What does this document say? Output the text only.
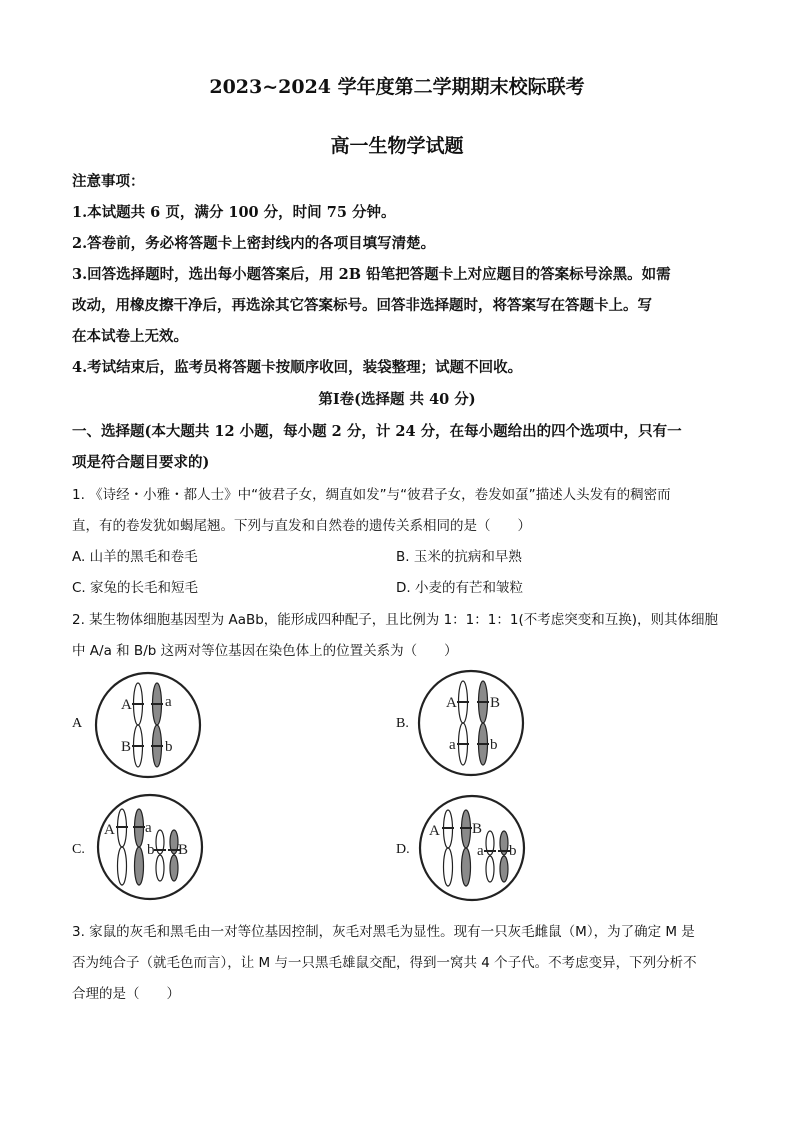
2023~2024 学年度第二学期期末校际联考
高一生物学试题
注意事项：
1.本试题共 6 页，满分 100 分，时间 75 分钟。
2.答卷前，务必将答题卡上密封线内的各项目填写清楚。
3.回答选择题时，选出每小题答案后，用 2B 铅笔把答题卡上对应题目的答案标号涂黑。如需
改动，用橡皮擦干净后，再选涂其它答案标号。回答非选择题时，将答案写在答题卡上。写
在本试卷上无效。
4.考试结束后，监考员将答题卡按顺序收回，装袋整理；试题不回收。
第Ⅰ卷(选择题 共 40 分)
一、选择题(本大题共 12 小题，每小题 2 分，计 24 分，在每小题给出的四个选项中，只有一
项是符合题目要求的)
1. 《诗经・小雅・都人士》中“彼君子女，绸直如发”与“彼君子女，卷发如虿”描述人头发有的稠密而
直，有的卷发犹如蝎尾翘。下列与直发和自然卷的遗传关系相同的是（　　）
A. 山羊的黑毛和卷毛	B. 玉米的抗病和早熟
C. 家兔的长毛和短毛	D. 小麦的有芒和皱粒
2. 某生物体细胞基因型为 AaBb，能形成四种配子，且比例为 1：1：1：1(不考虑突变和互换)，则其体细胞
中 A/a 和 B/b 这两对等位基因在染色体上的位置关系为（　　）
A	B.
C.	D.
A a
B b
A B
a b
A a
b B
A B
a b
3. 家鼠的灰毛和黑毛由一对等位基因控制，灰毛对黑毛为显性。现有一只灰毛雌鼠（M），为了确定 M 是
否为纯合子（就毛色而言），让 M 与一只黑毛雄鼠交配，得到一窝共 4 个子代。不考虑变异，下列分析不
合理的是（　　）
